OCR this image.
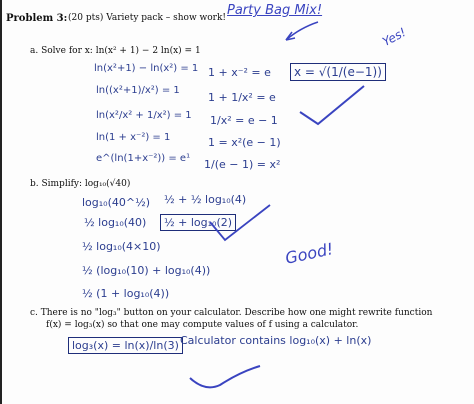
Problem 3: (20 pts) Variety pack – show work! Party Bag Mix!
a. Solve for x: ln(x² + 1) − 2 ln(x) = 1
ln(x²+1) − ln(x²) = 1
ln((x²+1)/x²) = 1
ln(x²/x² + 1/x²) = 1
ln(1 + x⁻²) = 1
e^(ln(1+x⁻²)) = e¹
1 + x⁻² = e
1 + 1/x² = e
1/x² = e − 1
1 = x²(e − 1)
1/(e − 1) = x²
x = √(1/(e−1))
Yes!
b. Simplify: log₁₀(√40)
log₁₀(40^½)
½ log₁₀(40)
½ log₁₀(4×10)
½ (log₁₀(10) + log₁₀(4))
½ (1 + log₁₀(4))
½ + ½ log₁₀(4)
½ + log₁₀(2)
Good!
c. There is no "log₃" button on your calculator. Describe how one might rewrite function
f(x) = log₃(x) so that one may compute values of f using a calculator.
log₃(x) = ln(x)/ln(3) Calculator contains log₁₀(x) + ln(x)
